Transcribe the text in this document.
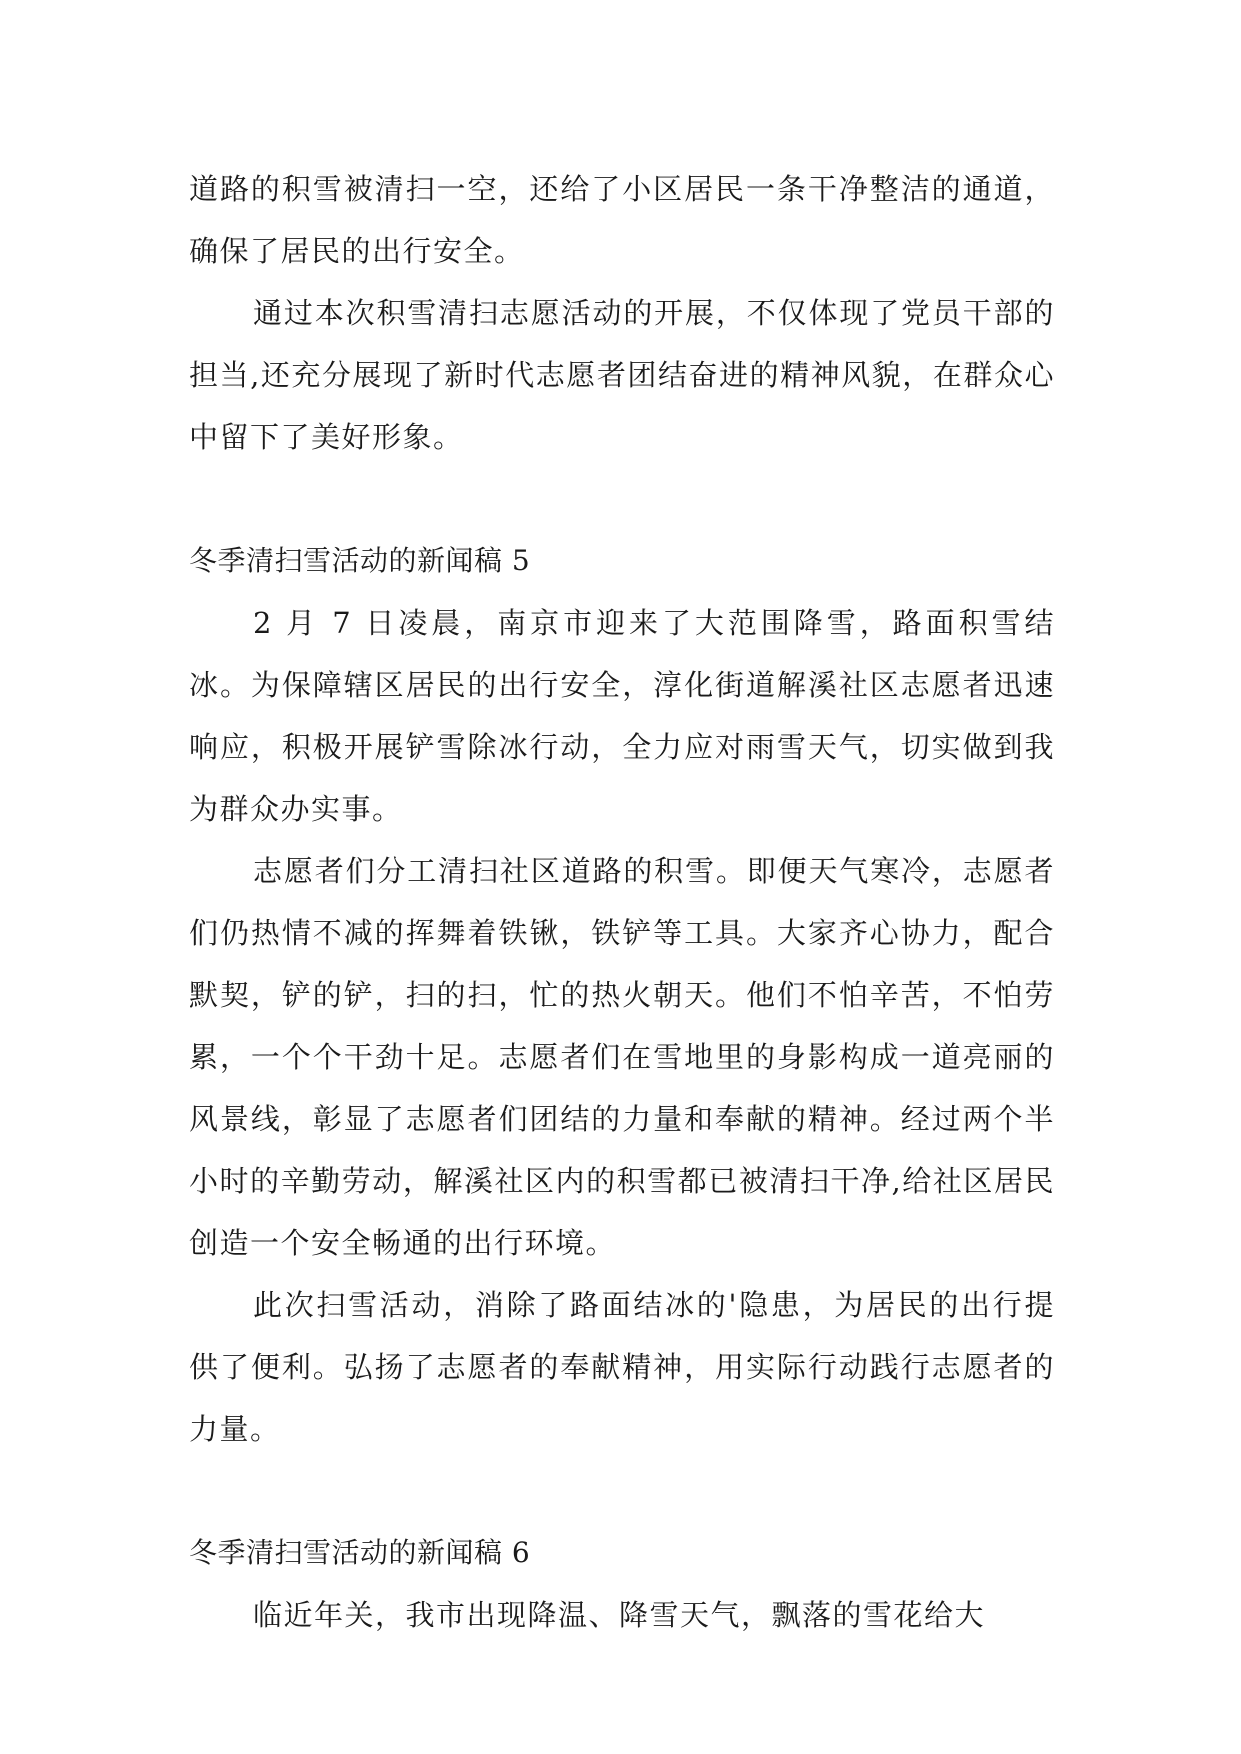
道路的积雪被清扫一空，还给了小区居民一条干净整洁的通道，确保了居民的出行安全。

通过本次积雪清扫志愿活动的开展，不仅体现了党员干部的担当,还充分展现了新时代志愿者团结奋进的精神风貌，在群众心中留下了美好形象。

冬季清扫雪活动的新闻稿 5

2 月 7 日凌晨，南京市迎来了大范围降雪，路面积雪结冰。为保障辖区居民的出行安全，淳化街道解溪社区志愿者迅速响应，积极开展铲雪除冰行动，全力应对雨雪天气，切实做到我为群众办实事。

志愿者们分工清扫社区道路的积雪。即便天气寒冷，志愿者们仍热情不减的挥舞着铁锹，铁铲等工具。大家齐心协力，配合默契，铲的铲，扫的扫，忙的热火朝天。他们不怕辛苦，不怕劳累，一个个干劲十足。志愿者们在雪地里的身影构成一道亮丽的风景线，彰显了志愿者们团结的力量和奉献的精神。经过两个半小时的辛勤劳动，解溪社区内的积雪都已被清扫干净,给社区居民创造一个安全畅通的出行环境。

此次扫雪活动，消除了路面结冰的'隐患，为居民的出行提供了便利。弘扬了志愿者的奉献精神，用实际行动践行志愿者的力量。

冬季清扫雪活动的新闻稿 6

临近年关，我市出现降温、降雪天气，飘落的雪花给大
